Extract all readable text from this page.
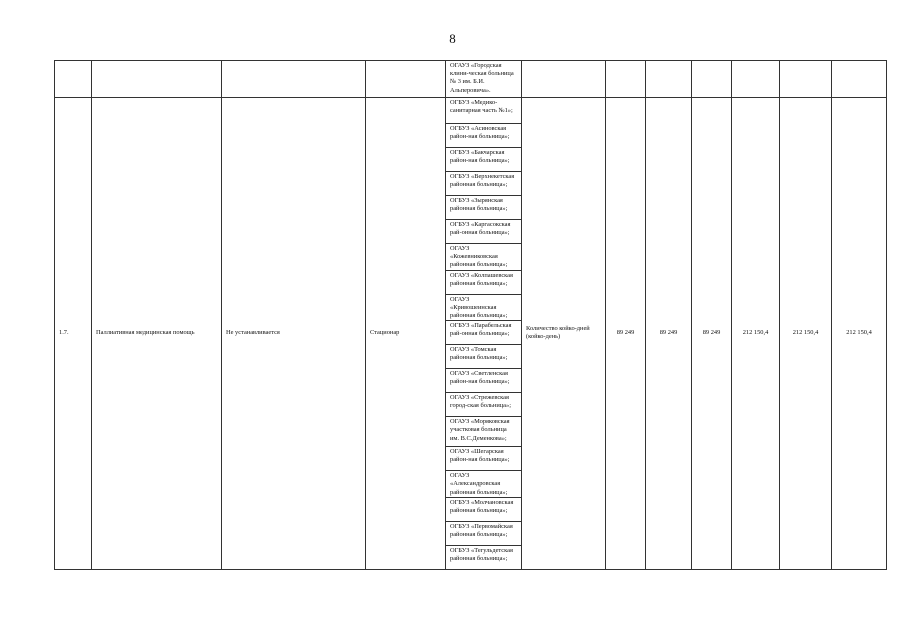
8
				ОГАУЗ «Городская клини-ческая больница № 3 им. Б.И. Альперовича».							
1.7.	Паллиативная медицинская помощь	Не устанавливается	Стационар	ОГБУЗ «Медико-санитарная часть №1»;	Количество койко-дней (койко-день)	89 249	89 249	89 249	212 150,4	212 150,4	212 150,4
				ОГБУЗ «Асиновская район-ная больница»;							
				ОГБУЗ «Бакчарская район-ная больница»;							
				ОГБУЗ «Верхнекетская районная больница»;							
				ОГБУЗ «Зырянская районная больница»;							
				ОГБУЗ «Каргасокская рай-онная больница»;							
				ОГАУЗ «Кожевниковская районная больница»;							
				ОГАУЗ «Колпашевская районная больница»;							
				ОГАУЗ «Кривошеинская районная больница»;							
				ОГБУЗ «Парабельская рай-онная больница»;							
				ОГАУЗ «Томская районная больница»;							
				ОГАУЗ «Светленская район-ная больница»;							
				ОГАУЗ «Стрежевская город-ская больница»;							
				ОГАУЗ «Моряковская участковая больница им. В.С.Деменкова»;							
				ОГАУЗ «Шегарская район-ная больница»;							
				ОГАУЗ «Александровская районная больница»;							
				ОГБУЗ «Молчановская районная больница»;							
				ОГБУЗ «Первомайская районная больница»;							
				ОГБУЗ «Тегульдетская районная больница»;							
